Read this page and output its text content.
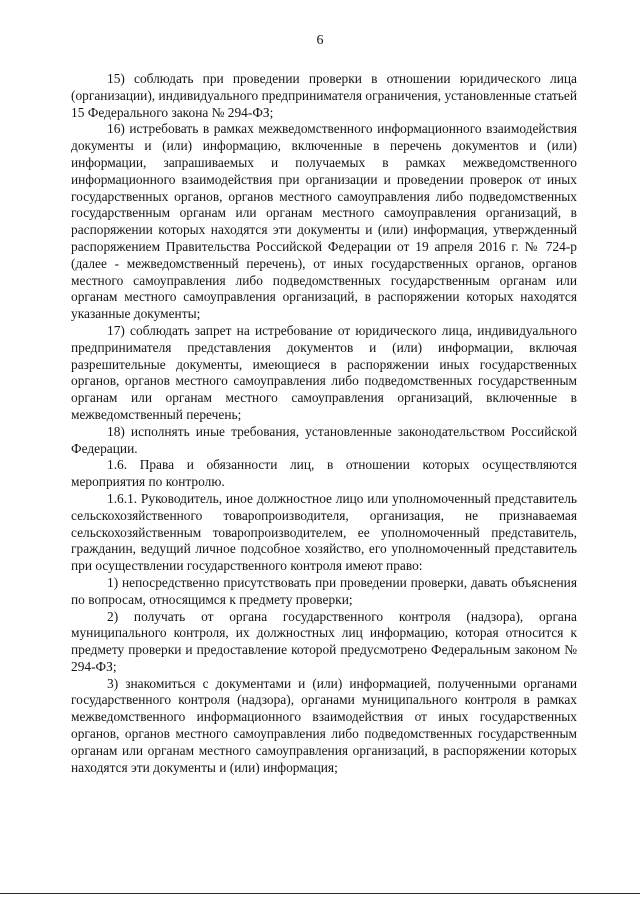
6

15) соблюдать при проведении проверки в отношении юридического лица (организации), индивидуального предпринимателя ограничения, установленные статьей 15 Федерального закона № 294-ФЗ;

16) истребовать в рамках межведомственного информационного взаимодействия документы и (или) информацию, включенные в перечень документов и (или) информации, запрашиваемых и получаемых в рамках межведомственного информационного взаимодействия при организации и проведении проверок от иных государственных органов, органов местного самоуправления либо подведомственных государственным органам или органам местного самоуправления организаций, в распоряжении которых находятся эти документы и (или) информация, утвержденный распоряжением Правительства Российской Федерации от 19 апреля 2016 г. № 724-р (далее - межведомственный перечень), от иных государственных органов, органов местного самоуправления либо подведомственных государственным органам или органам местного самоуправления организаций, в распоряжении которых находятся указанные документы;

17) соблюдать запрет на истребование от юридического лица, индивидуального предпринимателя представления документов и (или) информации, включая разрешительные документы, имеющиеся в распоряжении иных государственных органов, органов местного самоуправления либо подведомственных государственным органам или органам местного самоуправления организаций, включенные в межведомственный перечень;

18) исполнять иные требования, установленные законодательством Российской Федерации.

1.6. Права и обязанности лиц, в отношении которых осуществляются мероприятия по контролю.

1.6.1. Руководитель, иное должностное лицо или уполномоченный представитель сельскохозяйственного товаропроизводителя, организация, не признаваемая сельскохозяйственным товаропроизводителем, ее уполномоченный представитель, гражданин, ведущий личное подсобное хозяйство, его уполномоченный представитель при осуществлении государственного контроля имеют право:

1) непосредственно присутствовать при проведении проверки, давать объяснения по вопросам, относящимся к предмету проверки;

2) получать от органа государственного контроля (надзора), органа муниципального контроля, их должностных лиц информацию, которая относится к предмету проверки и предоставление которой предусмотрено Федеральным законом № 294-ФЗ;

3) знакомиться с документами и (или) информацией, полученными органами государственного контроля (надзора), органами муниципального контроля в рамках межведомственного информационного взаимодействия от иных государственных органов, органов местного самоуправления либо подведомственных государственным органам или органам местного самоуправления организаций, в распоряжении которых находятся эти документы и (или) информация;
